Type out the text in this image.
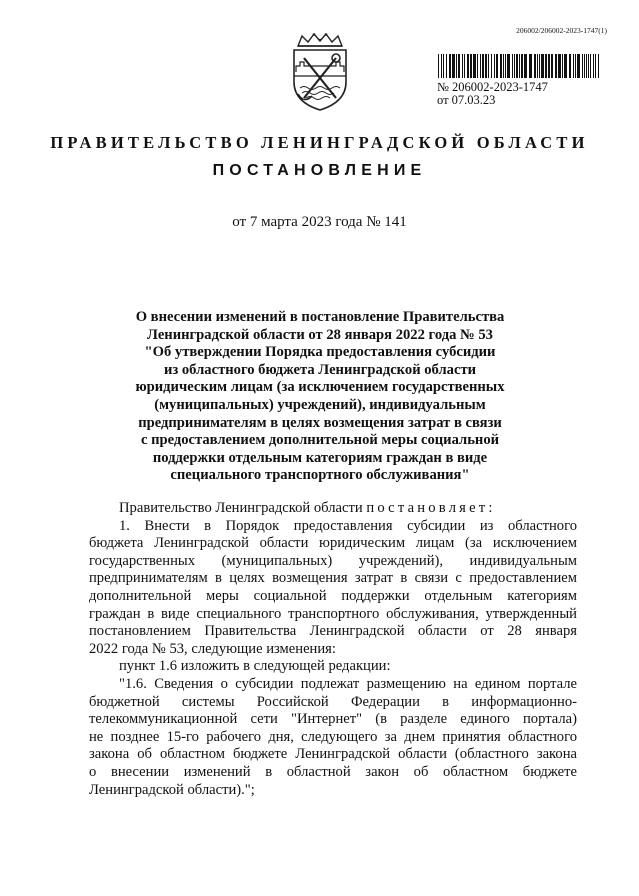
206002/206002-2023-1747(1)
№ 206002-2023-1747
от 07.03.23
ПРАВИТЕЛЬСТВО ЛЕНИНГРАДСКОЙ ОБЛАСТИ
ПОСТАНОВЛЕНИЕ
от 7 марта 2023 года № 141
О внесении изменений в постановление Правительства
Ленинградской области от 28 января 2022 года № 53
"Об утверждении Порядка предоставления субсидии
из областного бюджета Ленинградской области
юридическим лицам (за исключением государственных
(муниципальных) учреждений), индивидуальным
предпринимателям в целях возмещения затрат в связи
с предоставлением дополнительной меры социальной
поддержки отдельным категориям граждан в виде
специального транспортного обслуживания"
Правительство Ленинградской области постановляет:
1. Внести в Порядок предоставления субсидии из областного
бюджета Ленинградской области юридическим лицам (за исключением
государственных (муниципальных) учреждений), индивидуальным
предпринимателям в целях возмещения затрат в связи с предоставлением
дополнительной меры социальной поддержки отдельным категориям
граждан в виде специального транспортного обслуживания, утвержденный
постановлением Правительства Ленинградской области от 28 января
2022 года № 53, следующие изменения:
пункт 1.6 изложить в следующей редакции:
"1.6. Сведения о субсидии подлежат размещению на едином портале
бюджетной системы Российской Федерации в информационно-
телекоммуникационной сети "Интернет" (в разделе единого портала)
не позднее 15-го рабочего дня, следующего за днем принятия областного
закона об областном бюджете Ленинградской области (областного закона
о внесении изменений в областной закон об областном бюджете
Ленинградской области).";
